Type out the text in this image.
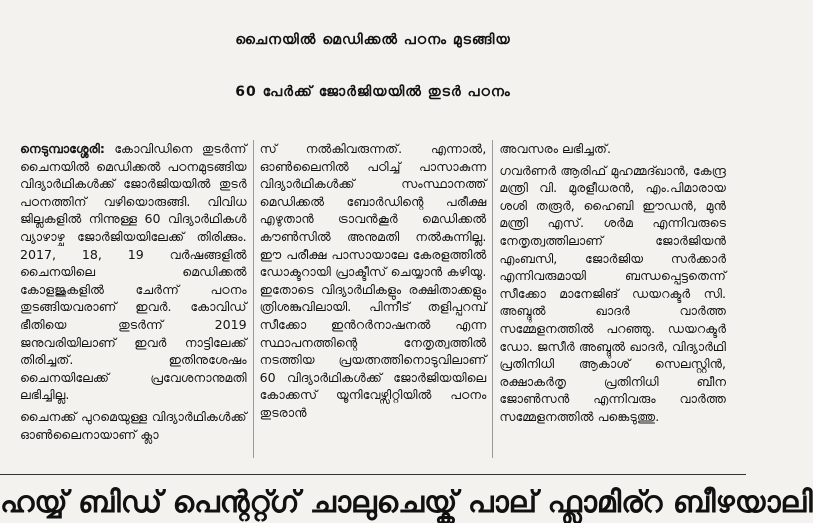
ചൈനയിൽ മെഡിക്കൽ പഠനം മുടങ്ങിയ
60 പേർക്ക് ജോർജിയയിൽ തുടർ പഠനം

നെടുമ്പാശ്ശേരി: കോവിഡിനെ തുടർന്ന് ചൈനയിൽ മെഡിക്കൽ പഠനമുടങ്ങിയ വിദ്യാർഥികൾക്ക് ജോർജിയയിൽ തുടർ പഠനത്തിന് വഴിയൊരുങ്ങി. വിവിധ ജില്ലകളിൽ നിന്നുള്ള 60 വിദ്യാർഥികൾ വ്യാഴാഴ്ച ജോർജിയയിലേക്ക് തിരിക്കും. 2017, 18, 19 വർഷങ്ങളിൽ ചൈനയിലെ മെഡിക്കൽ കോളജുകളിൽ ചേർന്ന് പഠനം തുടങ്ങിയവരാണ് ഇവർ. കോവിഡ് ഭീതിയെ തുടർന്ന് 2019 ജനുവരിയിലാണ് ഇവർ നാട്ടിലേക്ക് തിരിച്ചത്. ഇതിനുശേഷം ചൈനയിലേക്ക് പ്രവേശനാനുമതി ലഭിച്ചില്ല.

ചൈനക്ക് പുറമെയുള്ള വിദ്യാർഥികൾക്ക് ഓൺലൈനായാണ് ക്ലാ

സ് നൽകിവരുന്നത്. എന്നാൽ, ഓൺലൈനിൽ പഠിച്ച് പാസാകുന്ന വിദ്യാർഥികൾക്ക് സംസ്ഥാനത്ത് മെഡിക്കൽ ബോർഡിന്റെ പരീക്ഷ എഴുതാൻ ട്രാവൻകൂർ മെഡിക്കൽ കൗൺസിൽ അനുമതി നൽകുന്നില്ല. ഈ പരീക്ഷ പാസായാലേ കേരളത്തിൽ ഡോക്ടറായി പ്രാക്ടീസ് ചെയ്യാൻ കഴിയൂ. ഇതോടെ വിദ്യാർഥികളും രക്ഷിതാക്കളും ത്രിശങ്കുവിലായി. പിന്നീട് തളിപ്പറമ്പ് സീക്കോ ഇൻറർനാഷനൽ എന്ന സ്ഥാപനത്തിന്റെ നേതൃത്വത്തിൽ നടത്തിയ പ്രയത്നത്തിനൊടുവിലാണ് 60 വിദ്യാർഥികൾക്ക് ജോർജിയയിലെ കോക്കസ് യൂനിവേഴ്സിറ്റിയിൽ പഠനം തുടരാൻ

അവസരം ലഭിച്ചത്.

ഗവർണർ ആരിഫ് മുഹമ്മദ്ഖാൻ, കേന്ദ്ര മന്ത്രി വി. മുരളീധരൻ, എം.പിമാരായ ശശി തരൂർ, ഹൈബി ഈഡൻ, മുൻ മന്ത്രി എസ്. ശർമ എന്നിവരുടെ നേതൃത്വത്തിലാണ് ജോർജിയൻ എംബസി, ജോർജിയ സർക്കാർ എന്നിവരുമായി ബന്ധപ്പെട്ടതെന്ന് സീക്കോ മാനേജിങ് ഡയറക്ടർ സി. അബ്ദുൽ ഖാദർ വാർത്ത സമ്മേളനത്തിൽ പറഞ്ഞു. ഡയറക്ടർ ഡോ. ജസീർ അബ്ദുൽ ഖാദർ, വിദ്യാർഥി പ്രതിനിധി ആകാശ് സെലസ്റ്റിൻ, രക്ഷാകർതൃ പ്രതിനിധി ബീന ജോൺസൻ എന്നിവരും വാർത്ത സമ്മേളനത്തിൽ പങ്കെടുത്തു.

ഹയ്യ് ബിഡ് പെന്ററ്റ്ഗ് ചാലുചെയ്ക് പാല് ഫ്ലാമിര്റ ബീഴയാലി
